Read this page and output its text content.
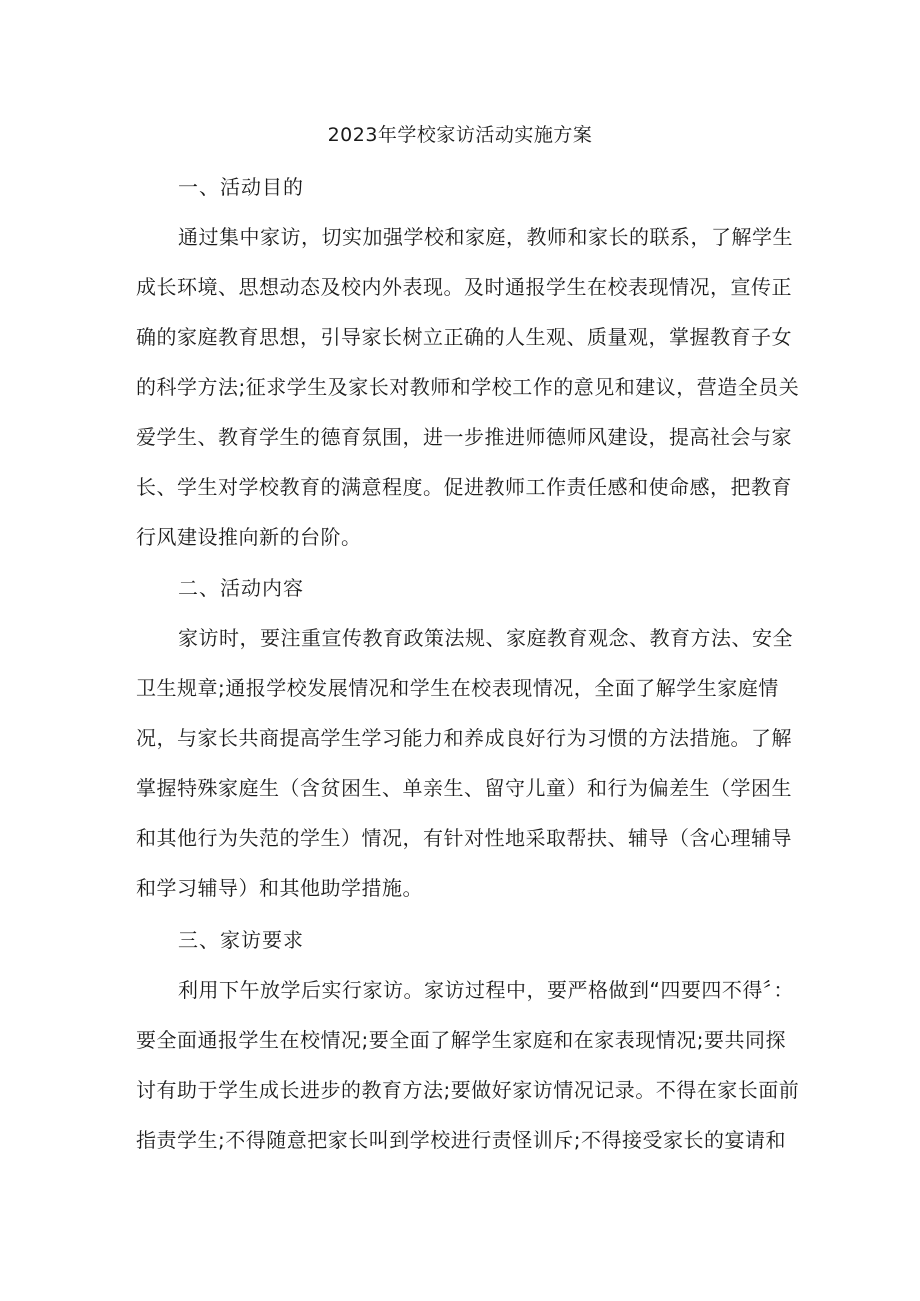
2023年学校家访活动实施方案
一、活动目的
通过集中家访，切实加强学校和家庭，教师和家长的联系，了解学生
成长环境、思想动态及校内外表现。及时通报学生在校表现情况，宣传正
确的家庭教育思想，引导家长树立正确的人生观、质量观，掌握教育子女
的科学方法;征求学生及家长对教师和学校工作的意见和建议，营造全员关
爱学生、教育学生的德育氛围，进一步推进师德师风建设，提高社会与家
长、学生对学校教育的满意程度。促进教师工作责任感和使命感，把教育
行风建设推向新的台阶。
二、活动内容
家访时，要注重宣传教育政策法规、家庭教育观念、教育方法、安全
卫生规章;通报学校发展情况和学生在校表现情况，全面了解学生家庭情
况，与家长共商提高学生学习能力和养成良好行为习惯的方法措施。了解
掌握特殊家庭生（含贫困生、单亲生、留守儿童）和行为偏差生（学困生
和其他行为失范的学生）情况，有针对性地采取帮扶、辅导（含心理辅导
和学习辅导）和其他助学措施。
三、家访要求
利用下午放学后实行家访。家访过程中，要严格做到“四要四不得〞：
要全面通报学生在校情况;要全面了解学生家庭和在家表现情况;要共同探
讨有助于学生成长进步的教育方法;要做好家访情况记录。不得在家长面前
指责学生;不得随意把家长叫到学校进行责怪训斥;不得接受家长的宴请和
